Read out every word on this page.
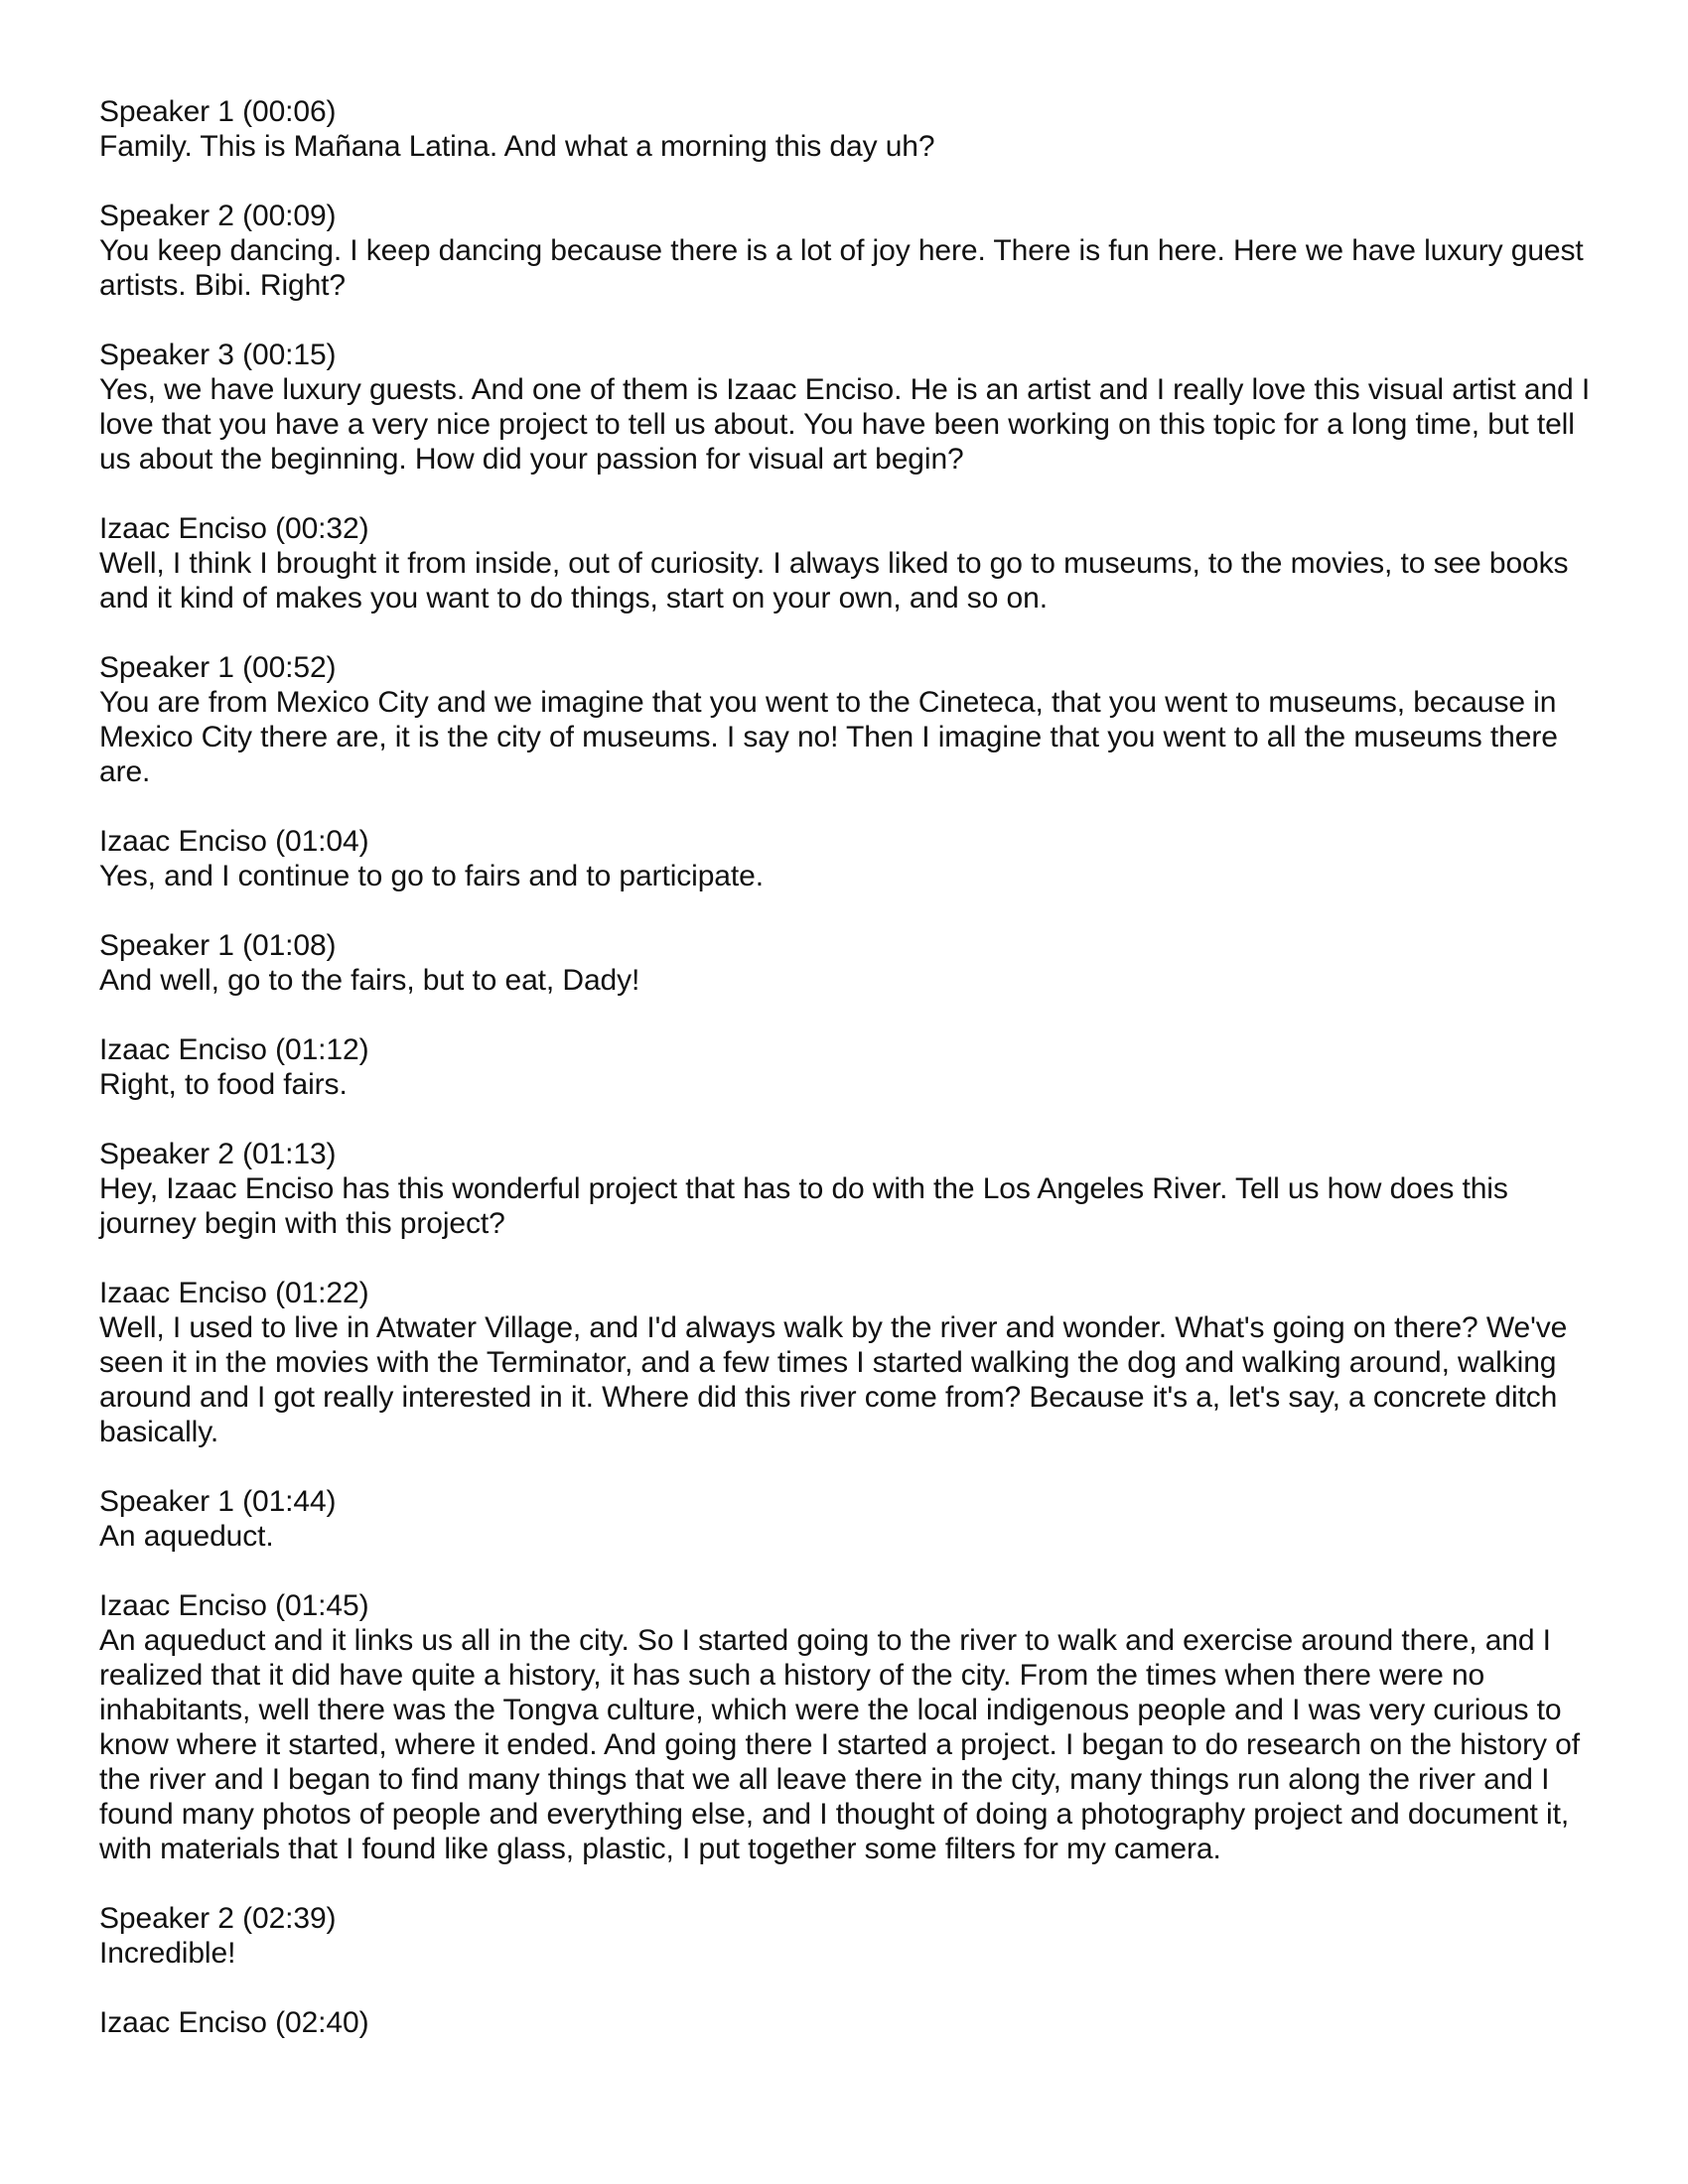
Speaker 1 (00:06)
Family. This is Mañana Latina. And what a morning this day uh?
Speaker 2 (00:09)
You keep dancing. I keep dancing because there is a lot of joy here. There is fun here. Here we have luxury guest artists. Bibi. Right?
Speaker 3 (00:15)
Yes, we have luxury guests. And one of them is Izaac Enciso. He is an artist and I really love this visual artist and I love that you have a very nice project to tell us about. You have been working on this topic for a long time, but tell us about the beginning. How did your passion for visual art begin?
Izaac Enciso (00:32)
Well, I think I brought it from inside, out of curiosity. I always liked to go to museums, to the movies, to see books and it kind of makes you want to do things, start on your own, and so on.
Speaker 1 (00:52)
You are from Mexico City and we imagine that you went to the Cineteca, that you went to museums, because in Mexico City there are, it is the city of museums. I say no! Then I imagine that you went to all the museums there are.
Izaac Enciso (01:04)
Yes, and I continue to go to fairs and to participate.
Speaker 1 (01:08)
And well, go to the fairs, but to eat, Dady!
Izaac Enciso (01:12)
Right, to food fairs.
Speaker 2 (01:13)
Hey, Izaac Enciso has this wonderful project that has to do with the Los Angeles River. Tell us how does this journey begin with this project?
Izaac Enciso (01:22)
Well, I used to live in Atwater Village, and I'd always walk by the river and wonder. What's going on there? We've seen it in the movies with the Terminator, and a few times I started walking the dog and walking around, walking around and I got really interested in it. Where did this river come from? Because it's a, let's say, a concrete ditch basically.
Speaker 1 (01:44)
An aqueduct.
Izaac Enciso (01:45)
An aqueduct and it links us all in the city. So I started going to the river to walk and exercise around there, and I realized that it did have quite a history, it has such a history of the city. From the times when there were no inhabitants, well there was the Tongva culture, which were the local indigenous people and I was very curious to know where it started, where it ended. And going there I started a project. I began to do research on the history of the river and I began to find many things that we all leave there in the city, many things run along the river and I found many photos of people and everything else, and I thought of doing a photography project and document it, with materials that I found like glass, plastic, I put together some filters for my camera.
Speaker 2 (02:39)
Incredible!
Izaac Enciso (02:40)
